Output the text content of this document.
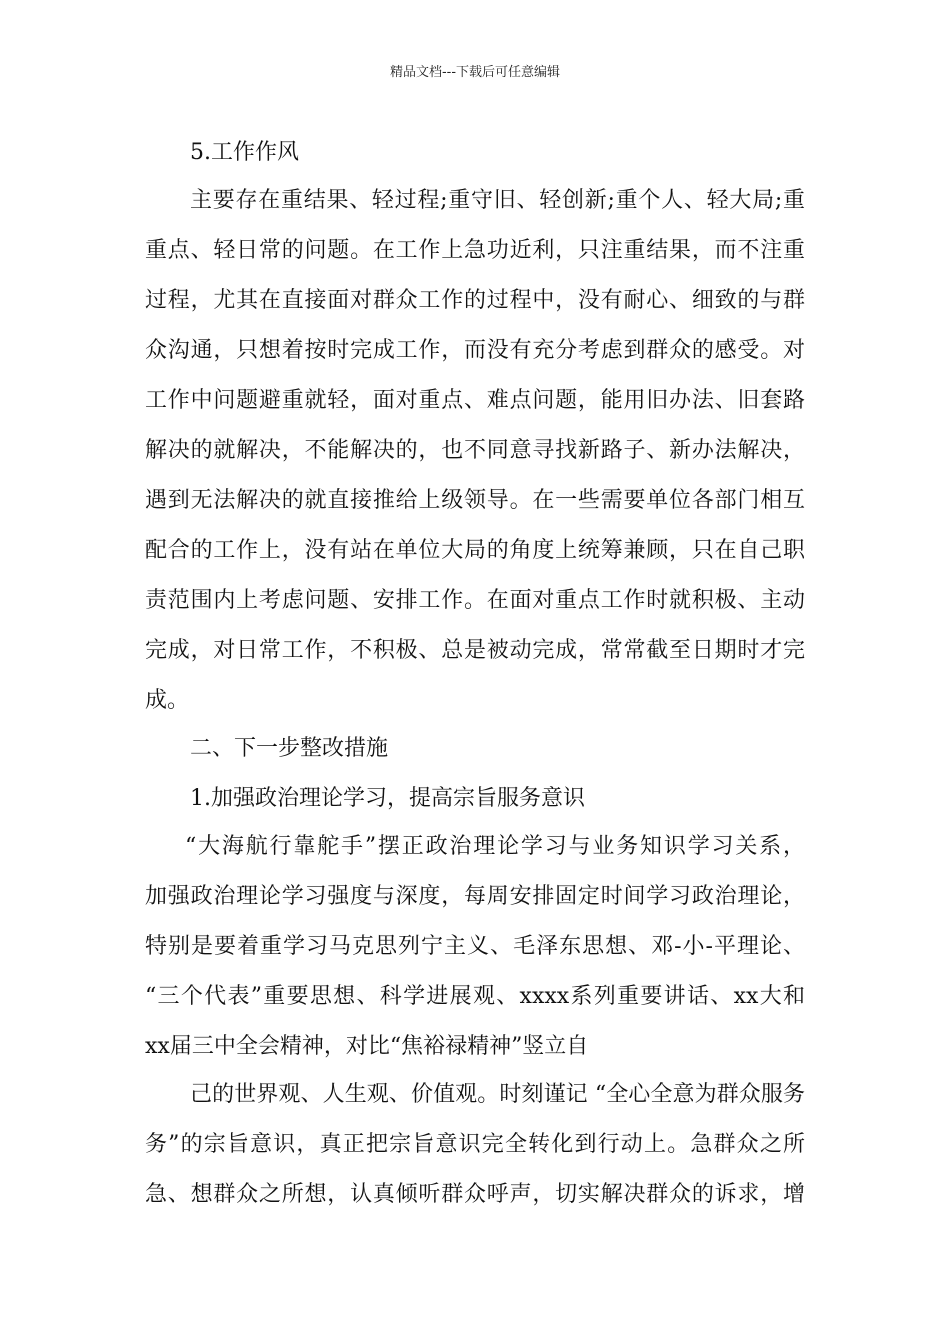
精品文档---下载后可任意编辑
5.工作作风
主要存在重结果、轻过程;重守旧、轻创新;重个人、轻大局;重
重点、轻日常的问题。在工作上急功近利，只注重结果，而不注重
过程，尤其在直接面对群众工作的过程中，没有耐心、细致的与群
众沟通，只想着按时完成工作，而没有充分考虑到群众的感受。对
工作中问题避重就轻，面对重点、难点问题，能用旧办法、旧套路
解决的就解决，不能解决的，也不同意寻找新路子、新办法解决，
遇到无法解决的就直接推给上级领导。在一些需要单位各部门相互
配合的工作上，没有站在单位大局的角度上统筹兼顾，只在自己职
责范围内上考虑问题、安排工作。在面对重点工作时就积极、主动
完成，对日常工作，不积极、总是被动完成，常常截至日期时才完
成。
二、下一步整改措施
1.加强政治理论学习，提高宗旨服务意识
“大海航行靠舵手”摆正政治理论学习与业务知识学习关系，
加强政治理论学习强度与深度，每周安排固定时间学习政治理论，
特别是要着重学习马克思列宁主义、毛泽东思想、邓-小-平理论、
“三个代表”重要思想、科学进展观、xxxx系列重要讲话、xx大和
xx届三中全会精神，对比“焦裕禄精神”竖立自
己的世界观、人生观、价值观。时刻谨记 “全心全意为群众服务
务”的宗旨意识，真正把宗旨意识完全转化到行动上。急群众之所
急、想群众之所想，认真倾听群众呼声，切实解决群众的诉求，增
